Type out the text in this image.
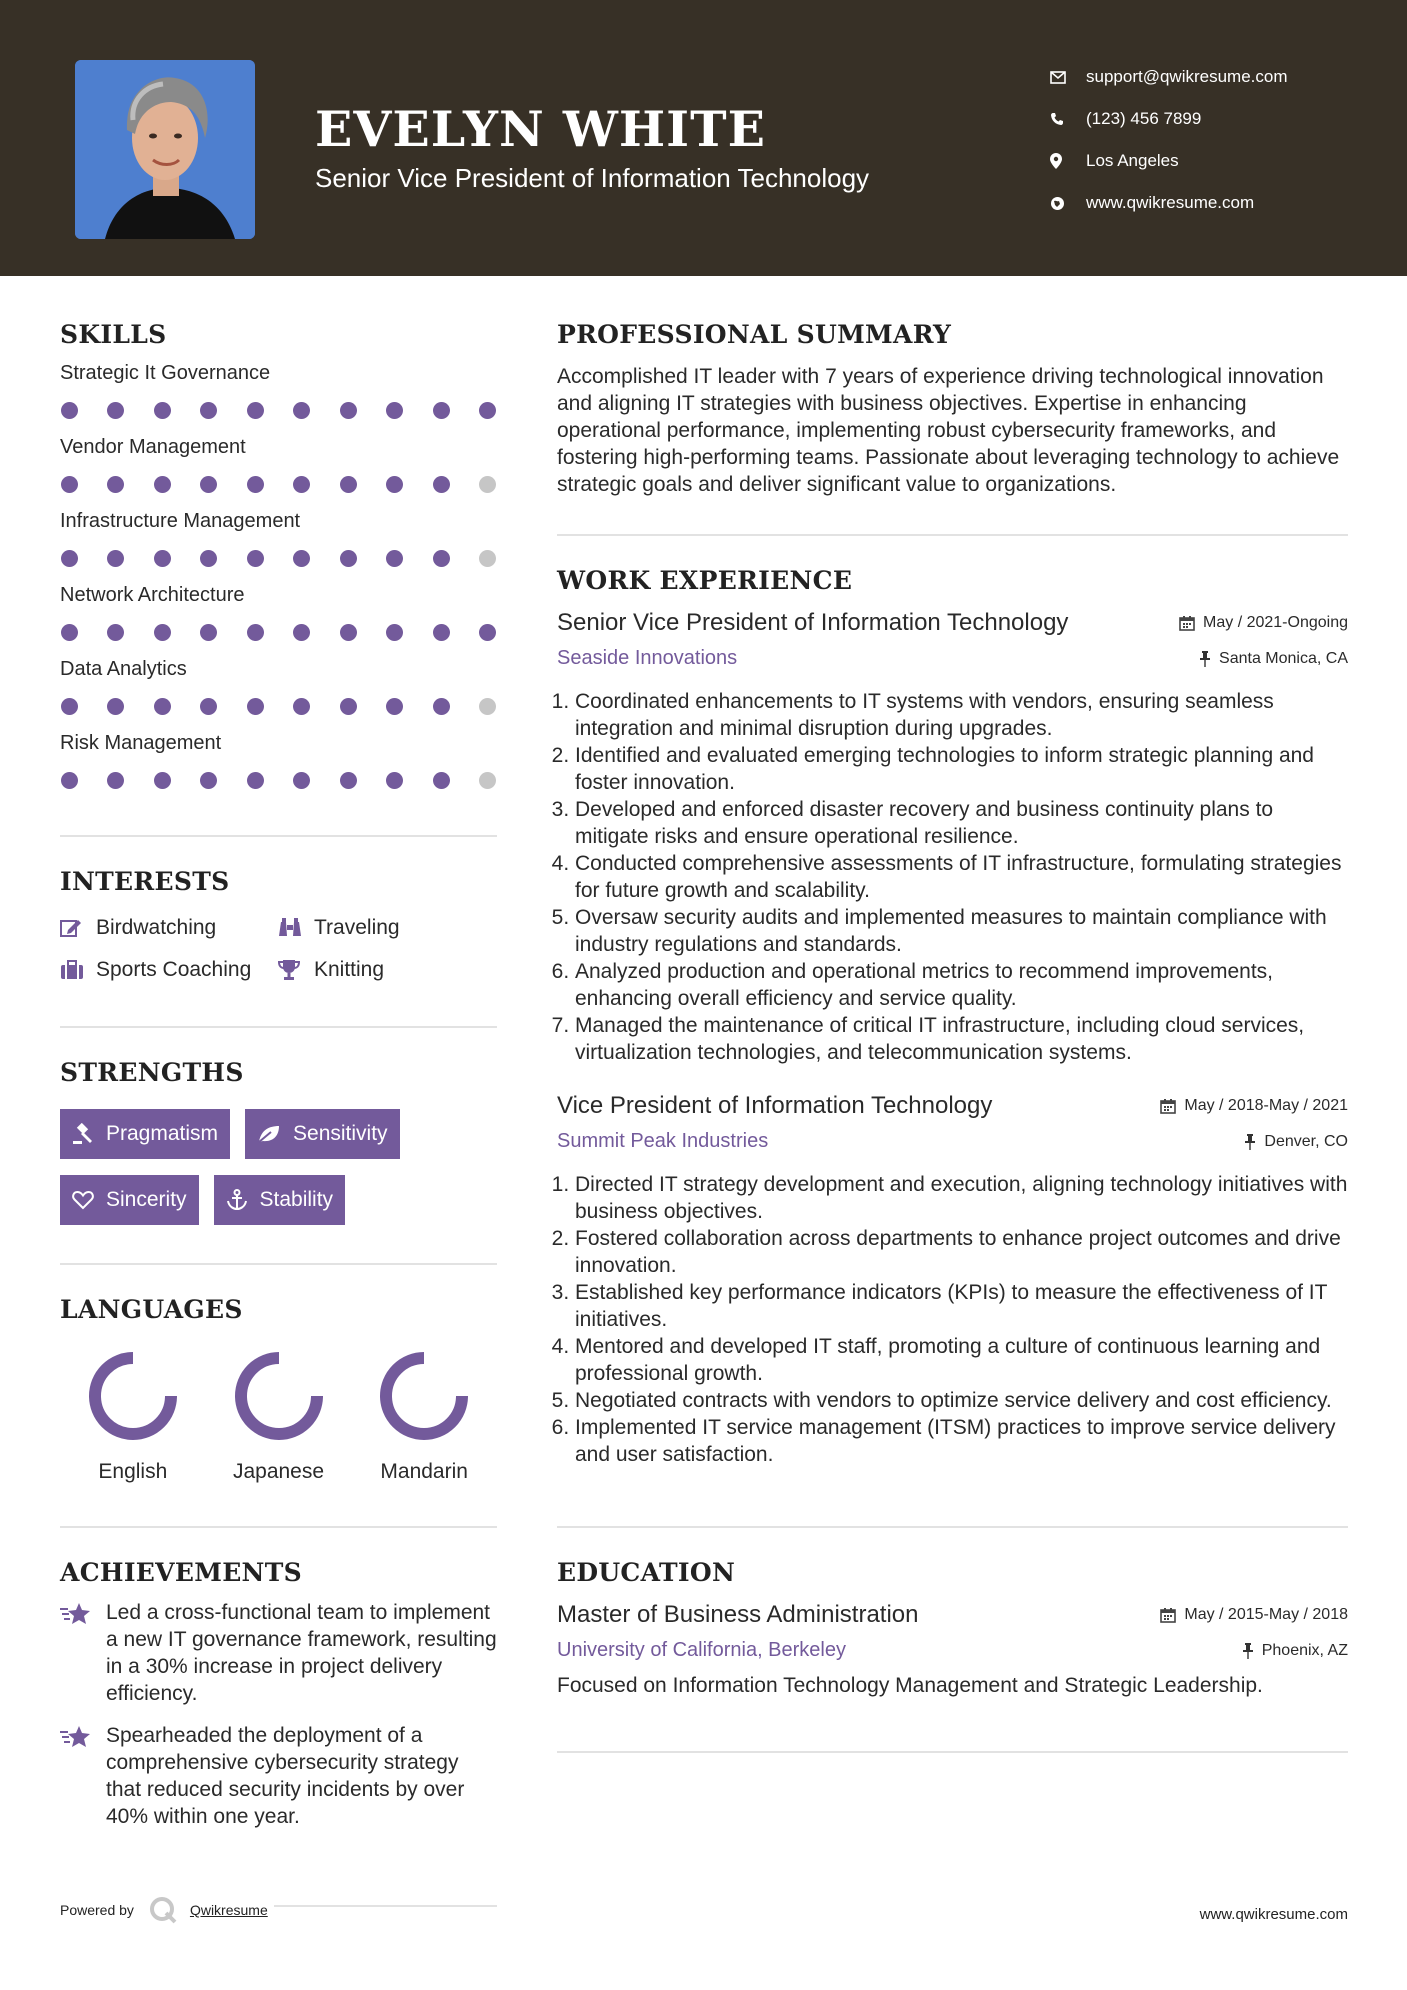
EVELYN WHITE
Senior Vice President of Information Technology
support@qwikresume.com
(123) 456 7899
Los Angeles
www.qwikresume.com
SKILLS
Strategic It Governance
Vendor Management
Infrastructure Management
Network Architecture
Data Analytics
Risk Management
INTERESTS
Birdwatching	Traveling
Sports Coaching	Knitting
STRENGTHS
Pragmatism	Sensitivity
Sincerity	Stability
LANGUAGES
English	Japanese	Mandarin
ACHIEVEMENTS
Led a cross-functional team to implement a new IT governance framework, resulting in a 30% increase in project delivery efficiency.
Spearheaded the deployment of a comprehensive cybersecurity strategy that reduced security incidents by over 40% within one year.
PROFESSIONAL SUMMARY
Accomplished IT leader with 7 years of experience driving technological innovation and aligning IT strategies with business objectives. Expertise in enhancing operational performance, implementing robust cybersecurity frameworks, and fostering high-performing teams. Passionate about leveraging technology to achieve strategic goals and deliver significant value to organizations.
WORK EXPERIENCE
Senior Vice President of Information Technology	May / 2021-Ongoing
Seaside Innovations	Santa Monica, CA
1. Coordinated enhancements to IT systems with vendors, ensuring seamless integration and minimal disruption during upgrades.
2. Identified and evaluated emerging technologies to inform strategic planning and foster innovation.
3. Developed and enforced disaster recovery and business continuity plans to mitigate risks and ensure operational resilience.
4. Conducted comprehensive assessments of IT infrastructure, formulating strategies for future growth and scalability.
5. Oversaw security audits and implemented measures to maintain compliance with industry regulations and standards.
6. Analyzed production and operational metrics to recommend improvements, enhancing overall efficiency and service quality.
7. Managed the maintenance of critical IT infrastructure, including cloud services, virtualization technologies, and telecommunication systems.
Vice President of Information Technology	May / 2018-May / 2021
Summit Peak Industries	Denver, CO
1. Directed IT strategy development and execution, aligning technology initiatives with business objectives.
2. Fostered collaboration across departments to enhance project outcomes and drive innovation.
3. Established key performance indicators (KPIs) to measure the effectiveness of IT initiatives.
4. Mentored and developed IT staff, promoting a culture of continuous learning and professional growth.
5. Negotiated contracts with vendors to optimize service delivery and cost efficiency.
6. Implemented IT service management (ITSM) practices to improve service delivery and user satisfaction.
EDUCATION
Master of Business Administration	May / 2015-May / 2018
University of California, Berkeley	Phoenix, AZ
Focused on Information Technology Management and Strategic Leadership.
Powered by	Qwikresume	www.qwikresume.com
